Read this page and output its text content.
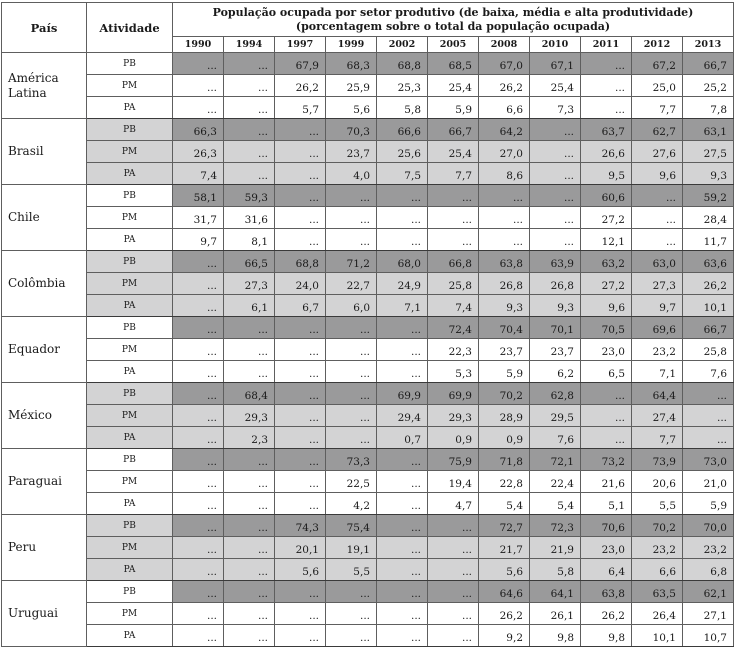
País	Atividade	População ocupada por setor produtivo (de baixa, média e alta produtividade)
(porcentagem sobre o total da população ocupada)										
		1990	1994	1997	1999	2002	2005	2008	2010	2011	2012	2013
América Latina	PB	...	...	67,9	68,3	68,8	68,5	67,0	67,1	...	67,2	66,7
	PM	...	...	26,2	25,9	25,3	25,4	26,2	25,4	...	25,0	25,2
	PA	...	...	5,7	5,6	5,8	5,9	6,6	7,3	...	7,7	7,8
Brasil	PB	66,3	...	...	70,3	66,6	66,7	64,2	...	63,7	62,7	63,1
	PM	26,3	...	...	23,7	25,6	25,4	27,0	...	26,6	27,6	27,5
	PA	7,4	...	...	4,0	7,5	7,7	8,6	...	9,5	9,6	9,3
Chile	PB	58,1	59,3	...	...	...	...	...	...	60,6	...	59,2
	PM	31,7	31,6	...	...	...	...	...	...	27,2	...	28,4
	PA	9,7	8,1	...	...	...	...	...	...	12,1	...	11,7
Colômbia	PB	...	66,5	68,8	71,2	68,0	66,8	63,8	63,9	63,2	63,0	63,6
	PM	...	27,3	24,0	22,7	24,9	25,8	26,8	26,8	27,2	27,3	26,2
	PA	...	6,1	6,7	6,0	7,1	7,4	9,3	9,3	9,6	9,7	10,1
Equador	PB	...	...	...	...	...	72,4	70,4	70,1	70,5	69,6	66,7
	PM	...	...	...	...	...	22,3	23,7	23,7	23,0	23,2	25,8
	PA	...	...	...	...	...	5,3	5,9	6,2	6,5	7,1	7,6
México	PB	...	68,4	...	...	69,9	69,9	70,2	62,8	...	64,4	...
	PM	...	29,3	...	...	29,4	29,3	28,9	29,5	...	27,4	...
	PA	...	2,3	...	...	0,7	0,9	0,9	7,6	...	7,7	...
Paraguai	PB	...	...	...	73,3	...	75,9	71,8	72,1	73,2	73,9	73,0
	PM	...	...	...	22,5	...	19,4	22,8	22,4	21,6	20,6	21,0
	PA	...	...	...	4,2	...	4,7	5,4	5,4	5,1	5,5	5,9
Peru	PB	...	...	74,3	75,4	...	...	72,7	72,3	70,6	70,2	70,0
	PM	...	...	20,1	19,1	...	...	21,7	21,9	23,0	23,2	23,2
	PA	...	...	5,6	5,5	...	...	5,6	5,8	6,4	6,6	6,8
Uruguai	PB	...	...	...	...	...	...	64,6	64,1	63,8	63,5	62,1
	PM	...	...	...	...	...	...	26,2	26,1	26,2	26,4	27,1
	PA	...	...	...	...	...	...	9,2	9,8	9,8	10,1	10,7
